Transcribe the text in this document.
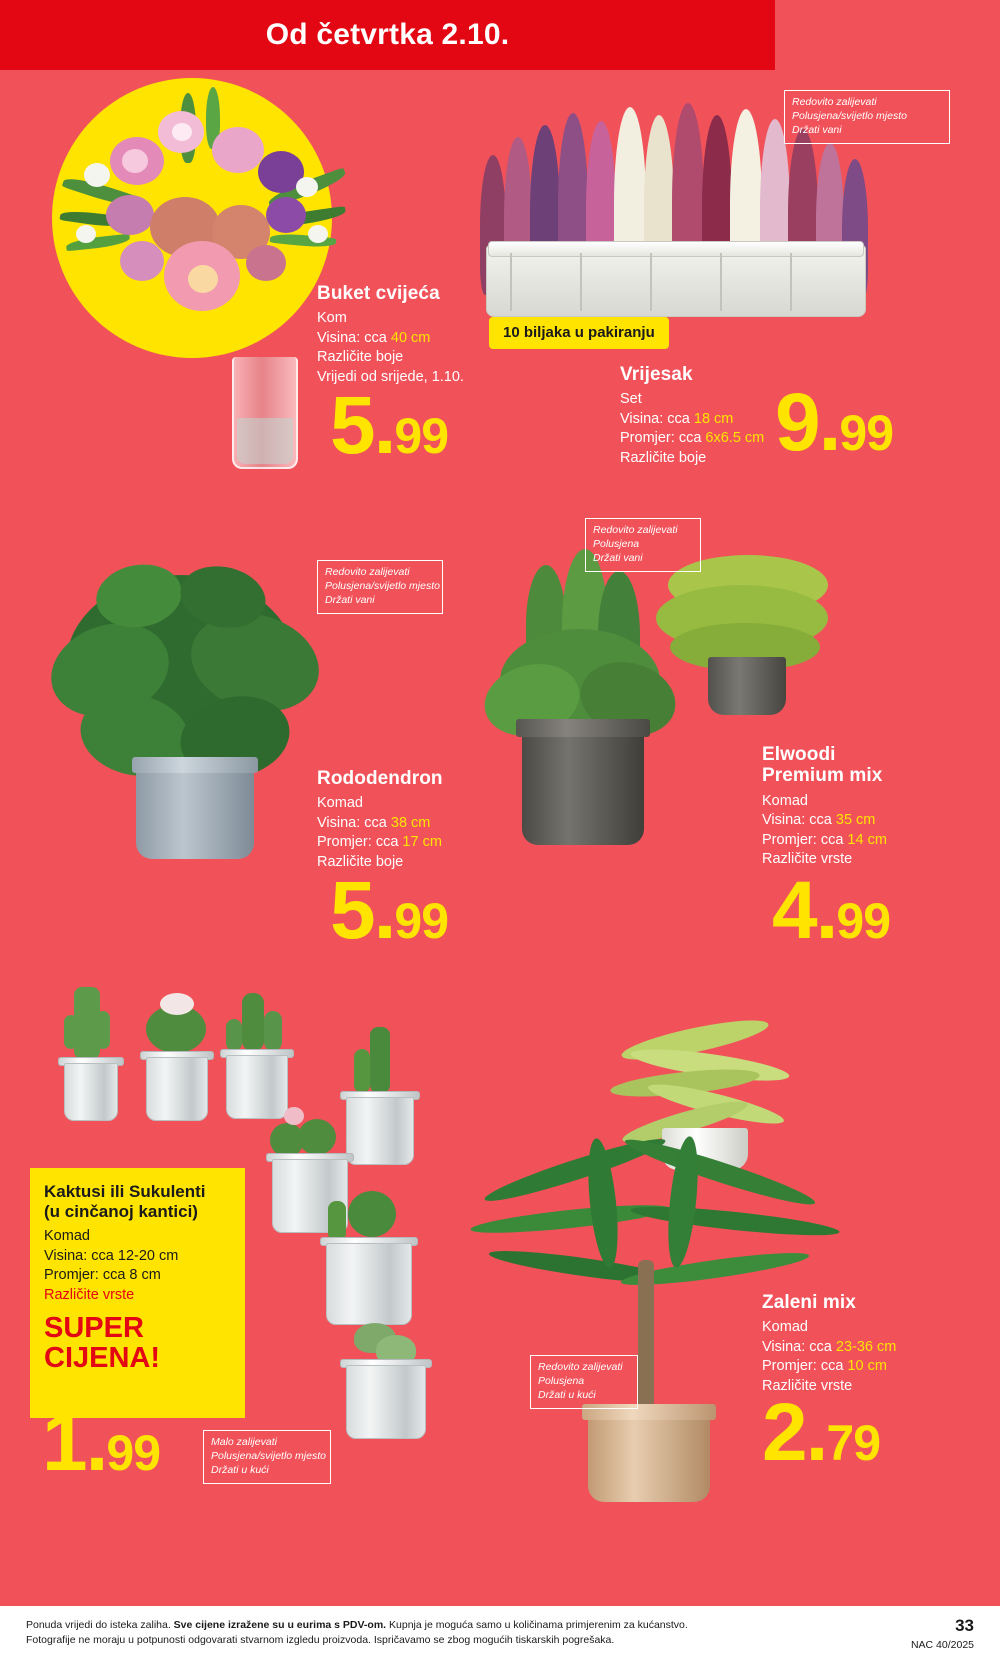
Od četvrtka 2.10.
Buket cvijeća
Kom
Visina: cca 40 cm
Različite boje
Vrijedi od srijede, 1.10.
5.99
Redovito zalijevati
Polusjena/svijetlo mjesto
Držati vani
10 biljaka u pakiranju
Vrijesak
Set
Visina: cca 18 cm
Promjer: cca 6x6.5 cm
Različite boje 9.99
Redovito zalijevati
Polusjena/svijetlo mjesto
Držati vani
Rododendron
Komad
Visina: cca 38 cm
Promjer: cca 17 cm
Različite boje
5.99
Redovito zalijevati
Polusjena
Držati vani
Elwoodi
Premium mix
Komad
Visina: cca 35 cm
Promjer: cca 14 cm
Različite vrste
4.99
Kaktusi ili Sukulenti
(u cinčanoj kantici)
Komad
Visina: cca 12-20 cm
Promjer: cca 8 cm
Različite vrste
SUPER
CIJENA!
1.99	Malo zalijevati
Polusjena/svijetlo mjesto
Držati u kući
Redovito zalijevati
Polusjena
Držati u kući
Zaleni mix
Komad
Visina: cca 23-36 cm
Promjer: cca 10 cm
Različite vrste
2.79
Ponuda vrijedi do isteka zaliha. Sve cijene izražene su u eurima s PDV-om. Kupnja je moguća samo u količinama primjerenim za kućanstvo.
Fotografije ne moraju u potpunosti odgovarati stvarnom izgledu proizvoda. Ispričavamo se zbog mogućih tiskarskih pogrešaka.
33
NAC 40/2025
